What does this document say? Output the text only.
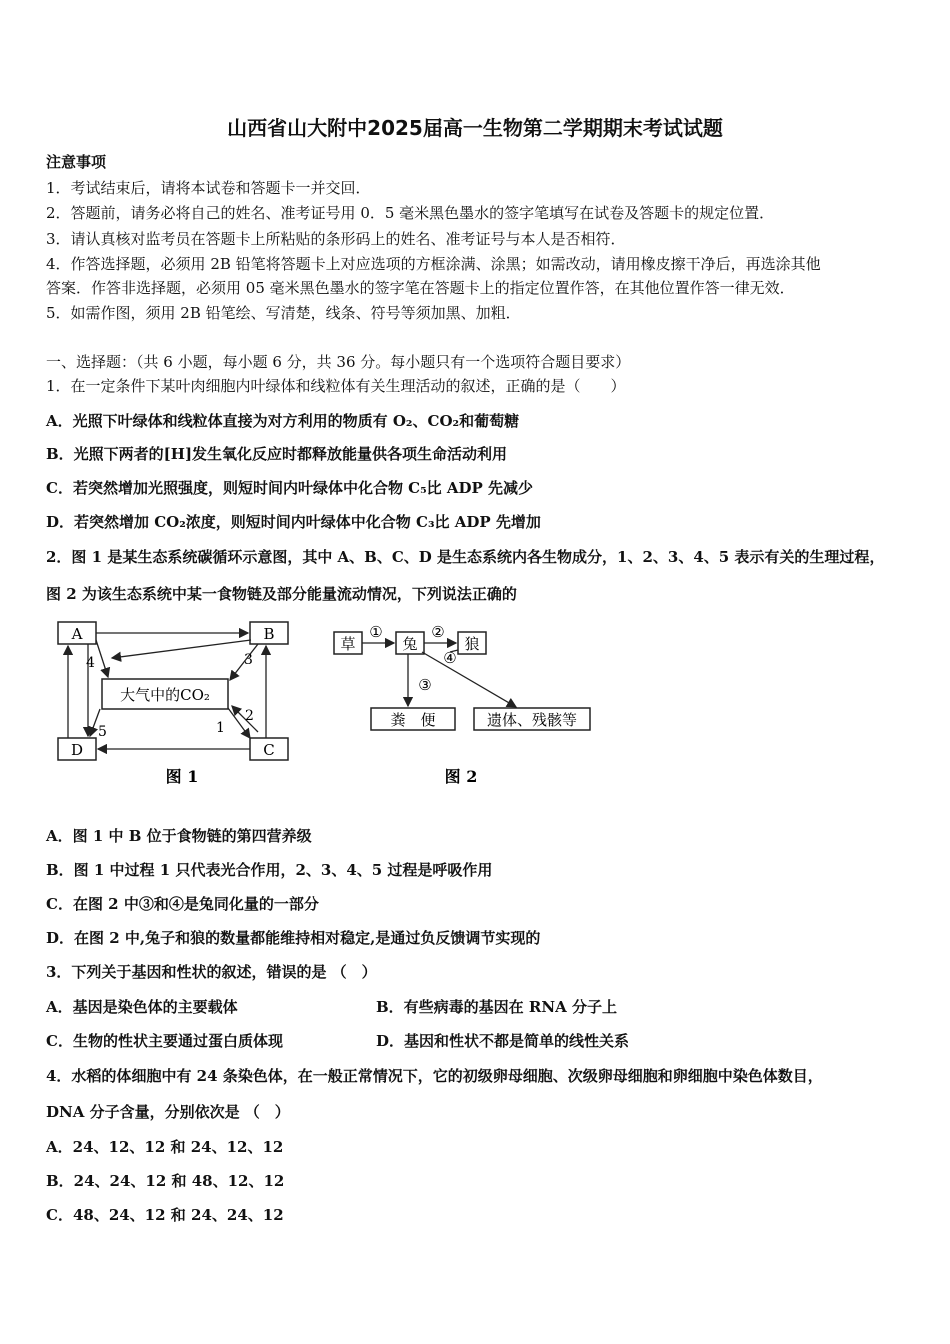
山西省山大附中2025届高一生物第二学期期末考试试题
注意事项
1．考试结束后，请将本试卷和答题卡一并交回．
2．答题前，请务必将自己的姓名、准考证号用 0．5 毫米黑色墨水的签字笔填写在试卷及答题卡的规定位置．
3．请认真核对监考员在答题卡上所粘贴的条形码上的姓名、准考证号与本人是否相符．
4．作答选择题，必须用 2B 铅笔将答题卡上对应选项的方框涂满、涂黑；如需改动，请用橡皮擦干净后，再选涂其他
答案．作答非选择题，必须用 05 毫米黑色墨水的签字笔在答题卡上的指定位置作答，在其他位置作答一律无效．
5．如需作图，须用 2B 铅笔绘、写清楚，线条、符号等须加黑、加粗．
一、选择题：（共 6 小题，每小题 6 分，共 36 分。每小题只有一个选项符合题目要求）
1．在一定条件下某叶肉细胞内叶绿体和线粒体有关生理活动的叙述，正确的是（　　）
A．光照下叶绿体和线粒体直接为对方利用的物质有 O₂、CO₂和葡萄糖
B．光照下两者的[H]发生氧化反应时都释放能量供各项生命活动利用
C．若突然增加光照强度，则短时间内叶绿体中化合物 C₅比 ADP 先减少
D．若突然增加 CO₂浓度，则短时间内叶绿体中化合物 C₃比 ADP 先增加
2．图 1 是某生态系统碳循环示意图，其中 A、B、C、D 是生态系统内各生物成分，1、2、3、4、5 表示有关的生理过程，
图 2 为该生态系统中某一食物链及部分能量流动情况，下列说法正确的
A	B
D	C
大气中的CO₂
4	3
2
1
5
图 1
草	兔	狼
粪　便	遗体、残骸等
①	②
④
③
图 2
A．图 1 中 B 位于食物链的第四营养级
B．图 1 中过程 1 只代表光合作用，2、3、4、5 过程是呼吸作用
C．在图 2 中③和④是兔同化量的一部分
D．在图 2 中,兔子和狼的数量都能维持相对稳定,是通过负反馈调节实现的
3．下列关于基因和性状的叙述，错误的是 （　）
A．基因是染色体的主要载体	B．有些病毒的基因在 RNA 分子上
C．生物的性状主要通过蛋白质体现	D．基因和性状不都是简单的线性关系
4．水稻的体细胞中有 24 条染色体，在一般正常情况下，它的初级卵母细胞、次级卵母细胞和卵细胞中染色体数目，
DNA 分子含量，分别依次是 （　）
A．24、12、12 和 24、12、12
B．24、24、12 和 48、12、12
C．48、24、12 和 24、24、12
